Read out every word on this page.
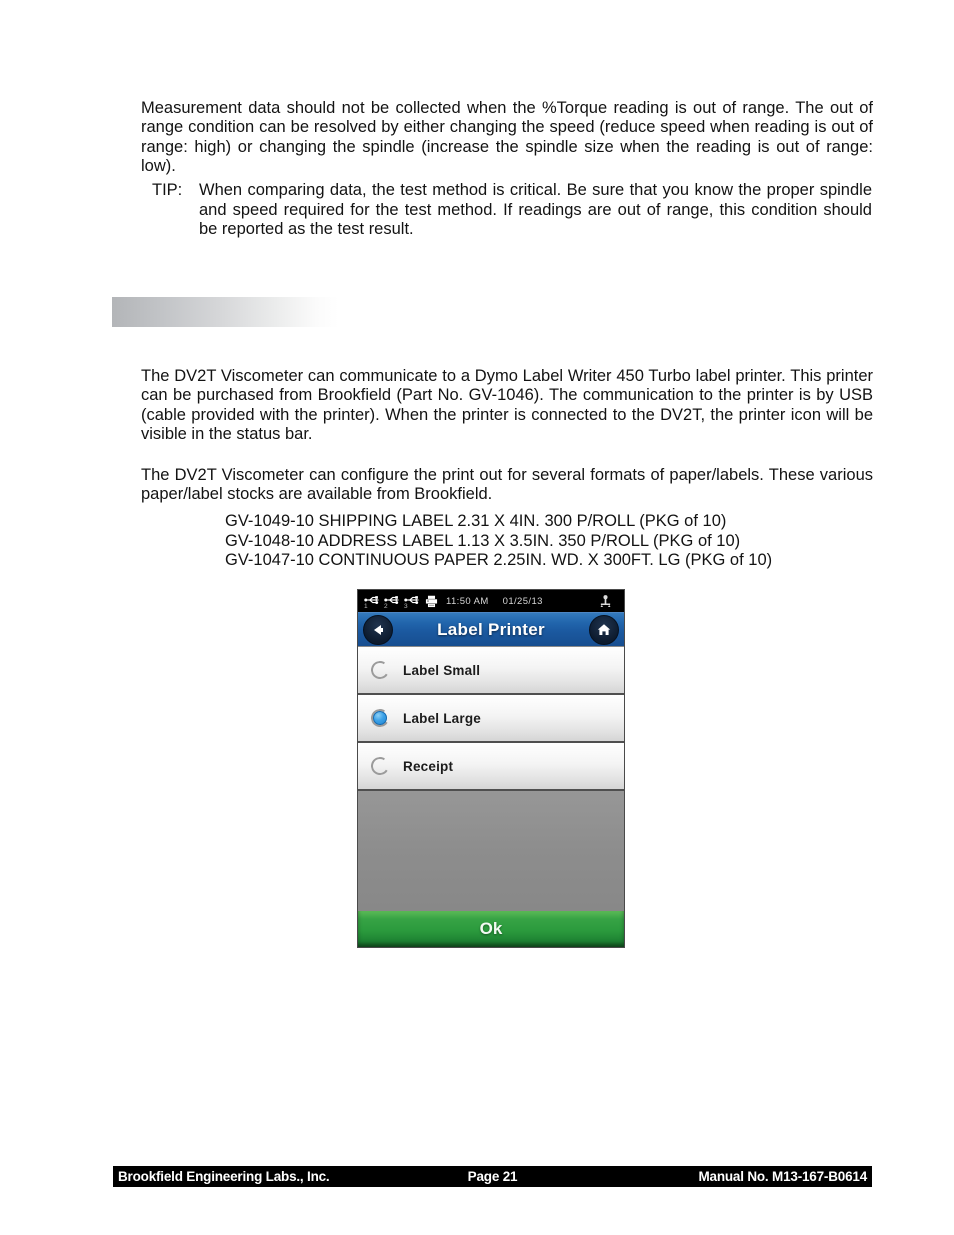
Measurement data should not be collected when the %Torque reading is out of range. The out of range condition can be resolved by either changing the speed (reduce speed when reading is out of range: high) or changing the spindle (increase the spindle size when the reading is out of range: low).

TIP:	When comparing data, the test method is critical. Be sure that you know the proper spindle and speed required for the test method. If readings are out of range, this condition should be reported as the test result.

The DV2T Viscometer can communicate to a Dymo Label Writer 450 Turbo label printer. This printer can be purchased from Brookfield (Part No. GV-1046). The communication to the printer is by USB (cable provided with the printer). When the printer is connected to the DV2T, the printer icon will be visible in the status bar.

The DV2T Viscometer can configure the print out for several formats of paper/labels. These various paper/label stocks are available from Brookfield.

GV-1049-10 SHIPPING LABEL 2.31 X 4IN. 300 P/ROLL (PKG of 10)
GV-1048-10 ADDRESS LABEL 1.13 X 3.5IN. 350 P/ROLL (PKG of 10)
GV-1047-10 CONTINUOUS PAPER 2.25IN. WD. X 300FT. LG (PKG of 10)
1	2	3	11:50 AM 01/25/13
Label Printer
Label Small
Label Large
Receipt
Ok
Page 21
Brookfield Engineering Labs., Inc.	Manual No. M13-167-B0614
